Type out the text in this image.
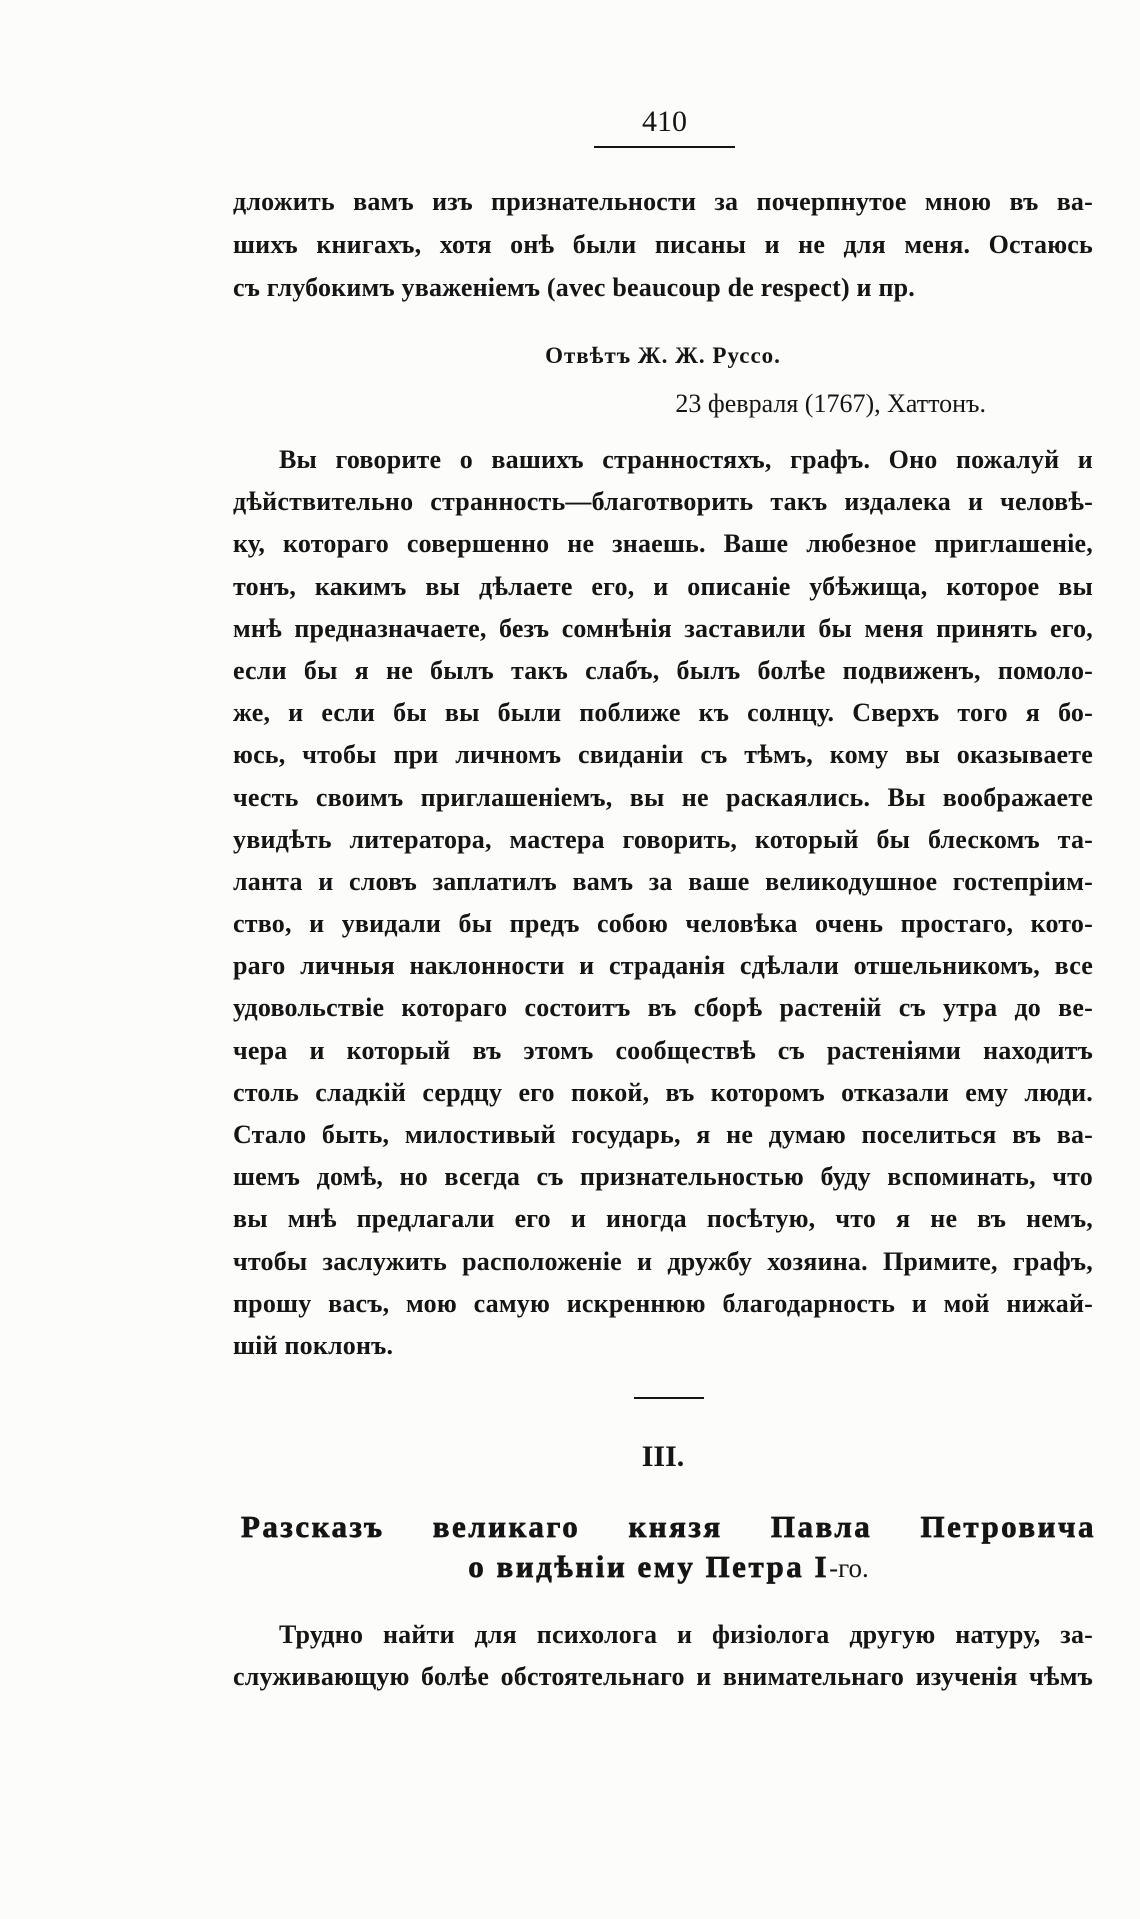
410
дложить вамъ изъ признательности за почерпнутое мною въ ва-
шихъ книгахъ, хотя онѣ были писаны и не для меня. Остаюсь
съ глубокимъ уваженіемъ (avec beaucoup de respect) и пр.
Отвѣтъ Ж. Ж. Руссо.
23 февраля (1767), Хаттонъ.
Вы говорите о вашихъ странностяхъ, графъ. Оно пожалуй и
дѣйствительно странность—благотворить такъ издалека и человѣ-
ку, котораго совершенно не знаешь. Ваше любезное приглашеніе,
тонъ, какимъ вы дѣлаете его, и описаніе убѣжища, которое вы
мнѣ предназначаете, безъ сомнѣнія заставили бы меня принять его,
если бы я не былъ такъ слабъ, былъ болѣе подвиженъ, помоло-
же, и если бы вы были поближе къ солнцу. Сверхъ того я бо-
юсь, чтобы при личномъ свиданіи съ тѣмъ, кому вы оказываете
честь своимъ приглашеніемъ, вы не раскаялись. Вы воображаете
увидѣть литератора, мастера говорить, который бы блескомъ та-
ланта и словъ заплатилъ вамъ за ваше великодушное гостепріим-
ство, и увидали бы предъ собою человѣка очень простаго, кото-
раго личныя наклонности и страданія сдѣлали отшельникомъ, все
удовольствіе котораго состоитъ въ сборѣ растеній съ утра до ве-
чера и который въ этомъ сообществѣ съ растеніями находитъ
столь сладкій сердцу его покой, въ которомъ отказали ему люди.
Стало быть, милостивый государь, я не думаю поселиться въ ва-
шемъ домѣ, но всегда съ признательностью буду вспоминать, что
вы мнѣ предлагали его и иногда посѣтую, что я не въ немъ,
чтобы заслужить расположеніе и дружбу хозяина. Примите, графъ,
прошу васъ, мою самую искреннюю благодарность и мой нижай-
шій поклонъ.
III.
Разсказъ великаго князя Павла Петровича
о видѣніи ему Петра I-го.
Трудно найти для психолога и физіолога другую натуру, за-
служивающую болѣе обстоятельнаго и внимательнаго изученія чѣмъ
